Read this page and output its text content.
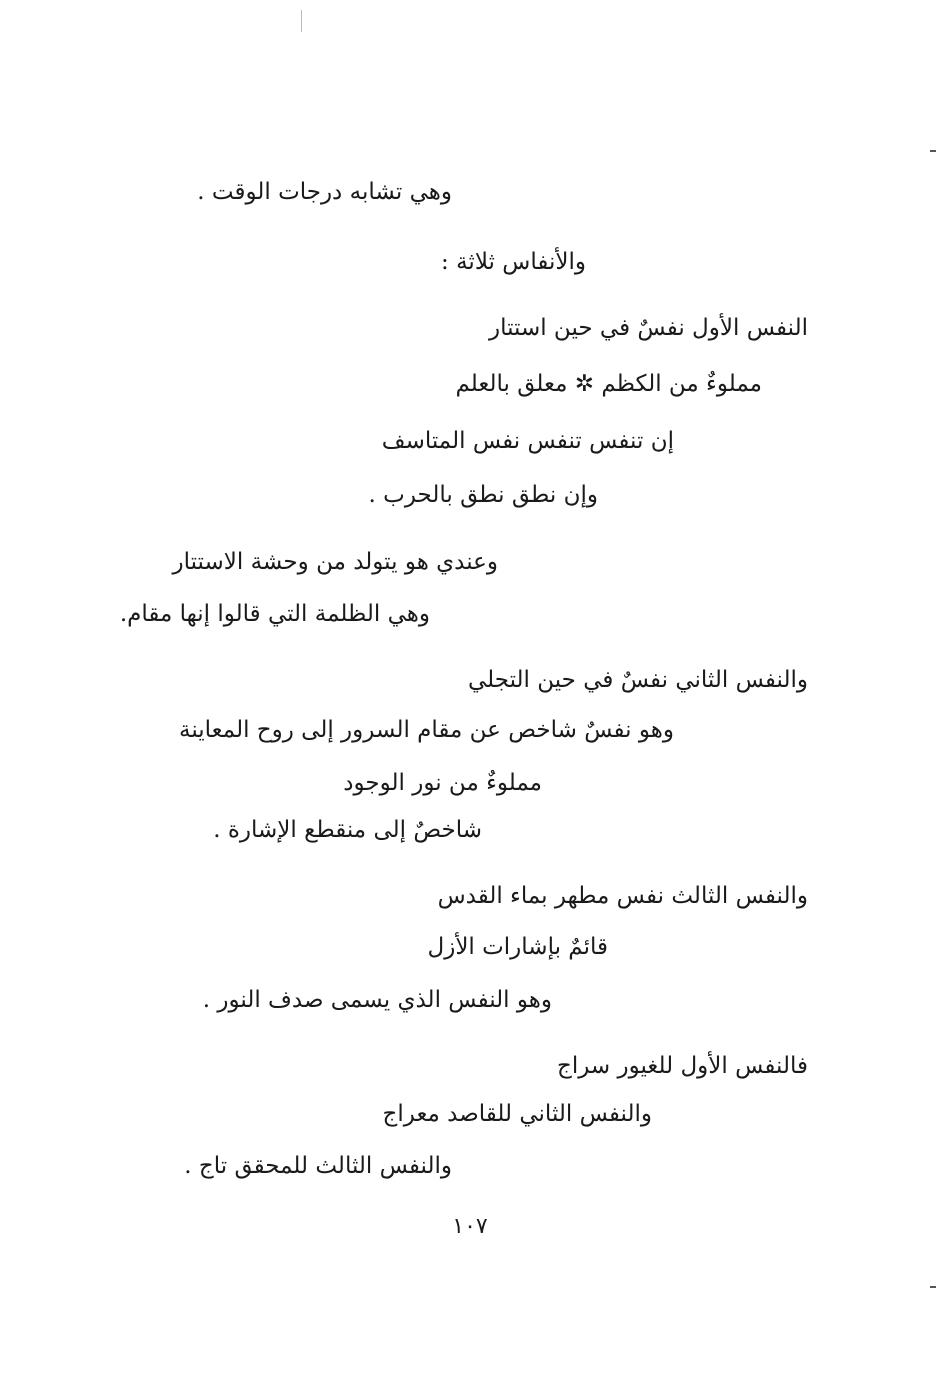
وهي تشابه درجات الوقت .
والأنفاس ثلاثة :
النفس الأول نفسٌ في حين استتار
مملوءٌ من الكظم ✲ معلق بالعلم
إن تنفس تنفس نفس المتاسف
وإن نطق نطق بالحرب .
وعندي هو يتولد من وحشة الاستتار
وهي الظلمة التي قالوا إنها مقام.
والنفس الثاني نفسٌ في حين التجلي
وهو نفسٌ شاخص عن مقام السرور إلى روح المعاينة
مملوءٌ من نور الوجود
شاخصٌ إلى منقطع الإشارة .
والنفس الثالث نفس مطهر بماء القدس
قائمٌ بإشارات الأزل
وهو النفس الذي يسمى صدف النور .
فالنفس الأول للغيور سراج
والنفس الثاني للقاصد معراج
والنفس الثالث للمحقق تاج .
١٠٧
